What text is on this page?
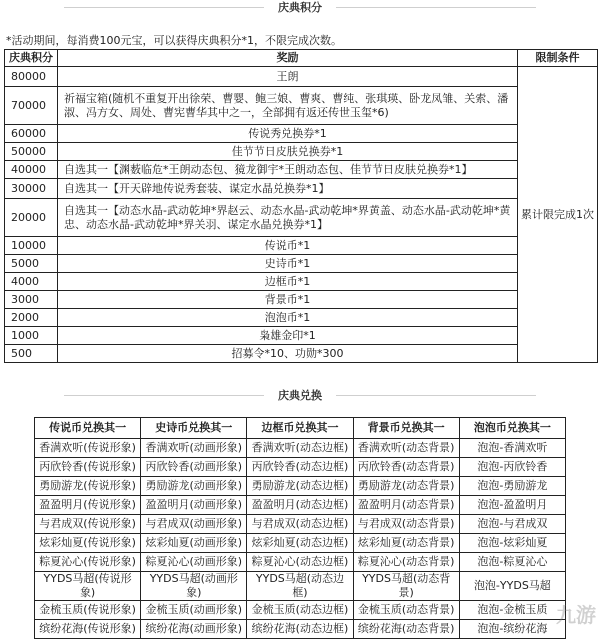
庆典积分
*活动期间，每消费100元宝，可以获得庆典积分*1，不限完成次数。
庆典积分	奖励	限制条件
80000	王朗	累计限完成1次
70000	祈福宝箱(随机不重复开出徐荣、曹婴、鲍三娘、曹爽、曹纯、张琪瑛、卧龙凤雏、关索、潘淑、冯方女、周处、曹宪曹华其中之一，全部拥有返还传世玉玺*6)	
60000	传说秀兑换券*1	
50000	佳节节日皮肤兑换券*1	
40000	自选其一【渊薮临危*王朗动态包、獍龙御宇*王朗动态包、佳节节日皮肤兑换券*1】	
30000	自选其一【开天辟地传说秀套装、谋定水晶兑换券*1】	
20000	自选其一【动态水晶-武动乾坤*界赵云、动态水晶-武动乾坤*界黄盖、动态水晶-武动乾坤*黄忠、动态水晶-武动乾坤*界关羽、谋定水晶兑换券*1】	
10000	传说币*1	
5000	史诗币*1	
4000	边框币*1	
3000	背景币*1	
2000	泡泡币*1	
1000	枭雄金印*1	
500	招募令*10、功勋*300	
庆典兑换
传说币兑换其一	史诗币兑换其一	边框币兑换其一	背景币兑换其一	泡泡币兑换其一
香满欢听(传说形象)	香满欢听(动画形象)	香满欢听(动态边框)	香满欢听(动态背景)	泡泡-香满欢听
丙欣铃香(传说形象)	丙欣铃香(动画形象)	丙欣铃香(动态边框)	丙欣铃香(动态背景)	泡泡-丙欣铃香
勇励游龙(传说形象)	勇励游龙(动画形象)	勇励游龙(动态边框)	勇励游龙(动态背景)	泡泡-勇励游龙
盈盈明月(传说形象)	盈盈明月(动画形象)	盈盈明月(动态边框)	盈盈明月(动态背景)	泡泡-盈盈明月
与君成双(传说形象)	与君成双(动画形象)	与君成双(动态边框)	与君成双(动态背景)	泡泡-与君成双
炫彩灿夏(传说形象)	炫彩灿夏(动画形象)	炫彩灿夏(动态边框)	炫彩灿夏(动态背景)	泡泡-炫彩灿夏
粽夏沁心(传说形象)	粽夏沁心(动画形象)	粽夏沁心(动态边框)	粽夏沁心(动态背景)	泡泡-粽夏沁心
YYDS马超(传说形象)	YYDS马超(动画形象)	YYDS马超(动态边框)	YYDS马超(动态背景)	泡泡-YYDS马超
金梳玉质(传说形象)	金梳玉质(动画形象)	金梳玉质(动态边框)	金梳玉质(动态背景)	泡泡-金梳玉质
缤纷花海(传说形象)	缤纷花海(动画形象)	缤纷花海(动态边框)	缤纷花海(动态背景)	泡泡-缤纷花海 九游
